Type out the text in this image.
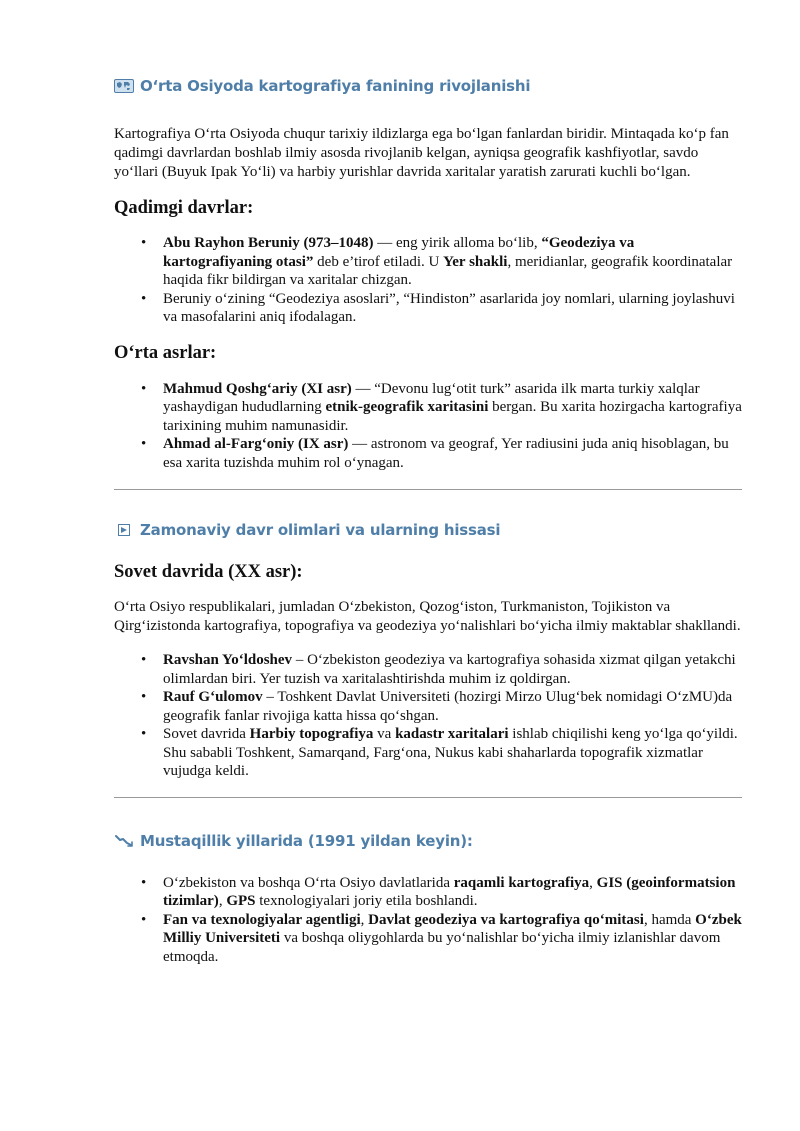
O‘rta Osiyoda kartografiya fanining rivojlanishi

Kartografiya O‘rta Osiyoda chuqur tarixiy ildizlarga ega bo‘lgan fanlardan biridir. Mintaqada ko‘p fan qadimgi davrlardan boshlab ilmiy asosda rivojlanib kelgan, ayniqsa geografik kashfiyotlar, savdo yo‘llari (Buyuk Ipak Yo‘li) va harbiy yurishlar davrida xaritalar yaratish zarurati kuchli bo‘lgan.

Qadimgi davrlar:
• Abu Rayhon Beruniy (973–1048) — eng yirik alloma bo‘lib, “Geodeziya va kartografiyaning otasi” deb e’tirof etiladi. U Yer shakli, meridianlar, geografik koordinatalar haqida fikr bildirgan va xaritalar chizgan.
• Beruniy o‘zining “Geodeziya asoslari”, “Hindiston” asarlarida joy nomlari, ularning joylashuvi va masofalarini aniq ifodalagan.
O‘rta asrlar:
• Mahmud Qoshg‘ariy (XI asr) — “Devonu lug‘otit turk” asarida ilk marta turkiy xalqlar yashaydigan hududlarning etnik-geografik xaritasini bergan. Bu xarita hozirgacha kartografiya tarixining muhim namunasidir.
• Ahmad al-Farg‘oniy (IX asr) — astronom va geograf, Yer radiusini juda aniq hisoblagan, bu esa xarita tuzishda muhim rol o‘ynagan.
Zamonaviy davr olimlari va ularning hissasi
Sovet davrida (XX asr):

O‘rta Osiyo respublikalari, jumladan O‘zbekiston, Qozog‘iston, Turkmaniston, Tojikiston va Qirg‘izistonda kartografiya, topografiya va geodeziya yo‘nalishlari bo‘yicha ilmiy maktablar shakllandi.

• Ravshan Yo‘ldoshev – O‘zbekiston geodeziya va kartografiya sohasida xizmat qilgan yetakchi olimlardan biri. Yer tuzish va xaritalashtirishda muhim iz qoldirgan.
• Rauf G‘ulomov – Toshkent Davlat Universiteti (hozirgi Mirzo Ulug‘bek nomidagi O‘zMU)da geografik fanlar rivojiga katta hissa qo‘shgan.
• Sovet davrida Harbiy topografiya va kadastr xaritalari ishlab chiqilishi keng yo‘lga qo‘yildi. Shu sababli Toshkent, Samarqand, Farg‘ona, Nukus kabi shaharlarda topografik xizmatlar vujudga keldi.
Mustaqillik yillarida (1991 yildan keyin):
• O‘zbekiston va boshqa O‘rta Osiyo davlatlarida raqamli kartografiya, GIS (geoinformatsion tizimlar), GPS texnologiyalari joriy etila boshlandi.
• Fan va texnologiyalar agentligi, Davlat geodeziya va kartografiya qo‘mitasi, hamda O‘zbek Milliy Universiteti va boshqa oliygohlarda bu yo‘nalishlar bo‘yicha ilmiy izlanishlar davom etmoqda.
